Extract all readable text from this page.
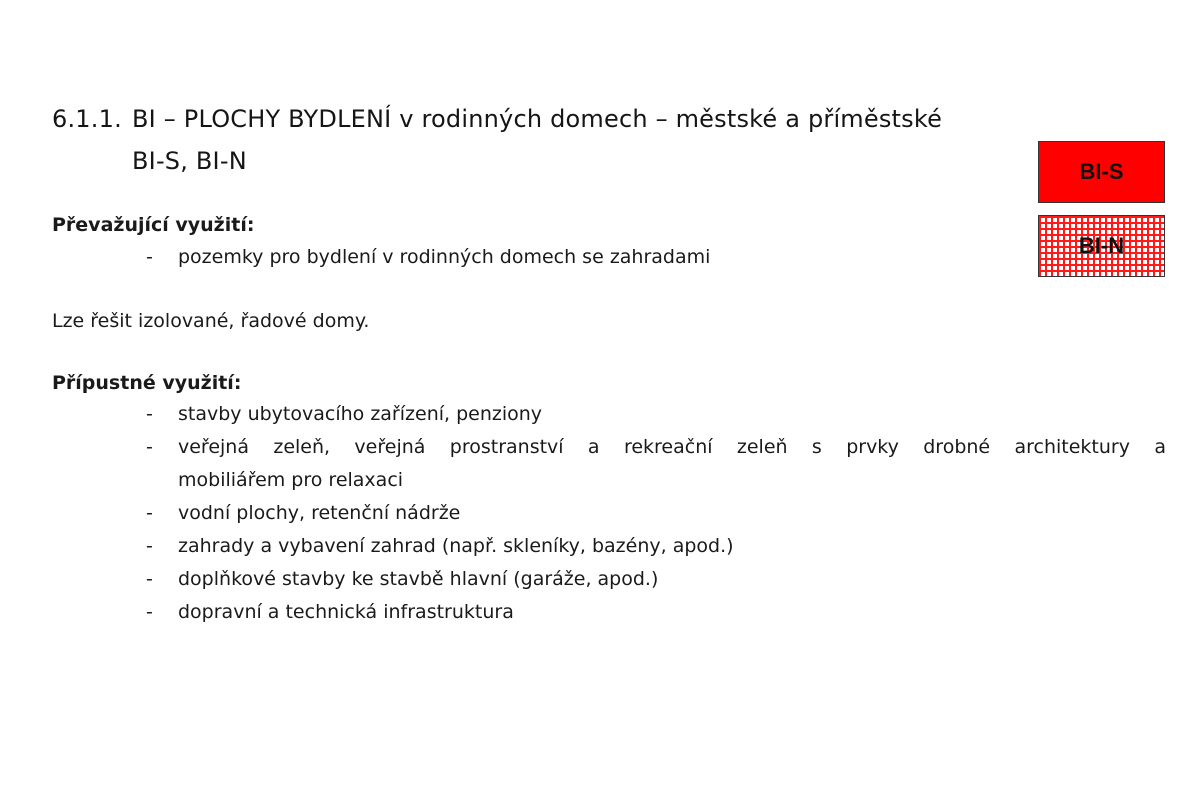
6.1.1. BI – PLOCHY BYDLENÍ v rodinných domech – městské a příměstské
BI-S, BI-N	BI-S
BI-N
Převažující využití:
- pozemky pro bydlení v rodinných domech se zahradami
Lze řešit izolované, řadové domy.
Přípustné využití:
- stavby ubytovacího zařízení, penziony
- veřejná zeleň, veřejná prostranství a rekreační zeleň s prvky drobné architektury a
mobiliářem pro relaxaci
- vodní plochy, retenční nádrže
- zahrady a vybavení zahrad (např. skleníky, bazény, apod.)
- doplňkové stavby ke stavbě hlavní (garáže, apod.)
- dopravní a technická infrastruktura
